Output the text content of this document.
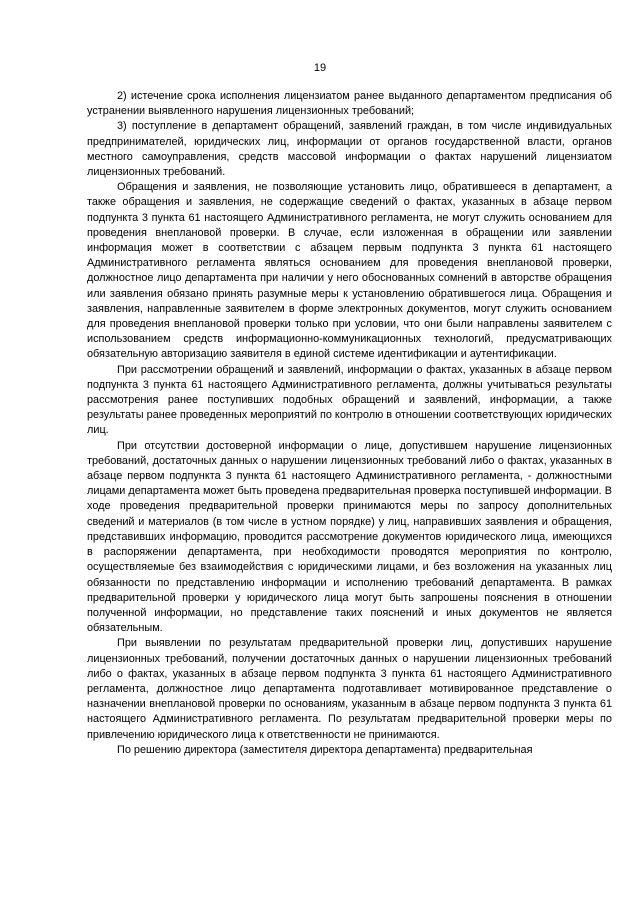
19

2) истечение срока исполнения лицензиатом ранее выданного департаментом предписания об устранении выявленного нарушения лицензионных требований;

3) поступление в департамент обращений, заявлений граждан, в том числе индивидуальных предпринимателей, юридических лиц, информации от органов государственной власти, органов местного самоуправления, средств массовой информации о фактах нарушений лицензиатом лицензионных требований.

Обращения и заявления, не позволяющие установить лицо, обратившееся в департамент, а также обращения и заявления, не содержащие сведений о фактах, указанных в абзаце первом подпункта 3 пункта 61 настоящего Административного регламента, не могут служить основанием для проведения внеплановой проверки. В случае, если изложенная в обращении или заявлении информация может в соответствии с абзацем первым подпункта 3 пункта 61 настоящего Административного регламента являться основанием для проведения внеплановой проверки, должностное лицо департамента при наличии у него обоснованных сомнений в авторстве обращения или заявления обязано принять разумные меры к установлению обратившегося лица. Обращения и заявления, направленные заявителем в форме электронных документов, могут служить основанием для проведения внеплановой проверки только при условии, что они были направлены заявителем с использованием средств информационно-коммуникационных технологий, предусматривающих обязательную авторизацию заявителя в единой системе идентификации и аутентификации.

При рассмотрении обращений и заявлений, информации о фактах, указанных в абзаце первом подпункта 3 пункта 61 настоящего Административного регламента, должны учитываться результаты рассмотрения ранее поступивших подобных обращений и заявлений, информации, а также результаты ранее проведенных мероприятий по контролю в отношении соответствующих юридических лиц.

При отсутствии достоверной информации о лице, допустившем нарушение лицензионных требований, достаточных данных о нарушении лицензионных требований либо о фактах, указанных в абзаце первом подпункта 3 пункта 61 настоящего Административного регламента, - должностными лицами департамента может быть проведена предварительная проверка поступившей информации. В ходе проведения предварительной проверки принимаются меры по запросу дополнительных сведений и материалов (в том числе в устном порядке) у лиц, направивших заявления и обращения, представивших информацию, проводится рассмотрение документов юридического лица, имеющихся в распоряжении департамента, при необходимости проводятся мероприятия по контролю, осуществляемые без взаимодействия с юридическими лицами, и без возложения на указанных лиц обязанности по представлению информации и исполнению требований департамента. В рамках предварительной проверки у юридического лица могут быть запрошены пояснения в отношении полученной информации, но представление таких пояснений и иных документов не является обязательным.

При выявлении по результатам предварительной проверки лиц, допустивших нарушение лицензионных требований, получении достаточных данных о нарушении лицензионных требований либо о фактах, указанных в абзаце первом подпункта 3 пункта 61 настоящего Административного регламента, должностное лицо департамента подготавливает мотивированное представление о назначении внеплановой проверки по основаниям, указанным в абзаце первом подпункта 3 пункта 61 настоящего Административного регламента. По результатам предварительной проверки меры по привлечению юридического лица к ответственности не принимаются.

По решению директора (заместителя директора департамента) предварительная
